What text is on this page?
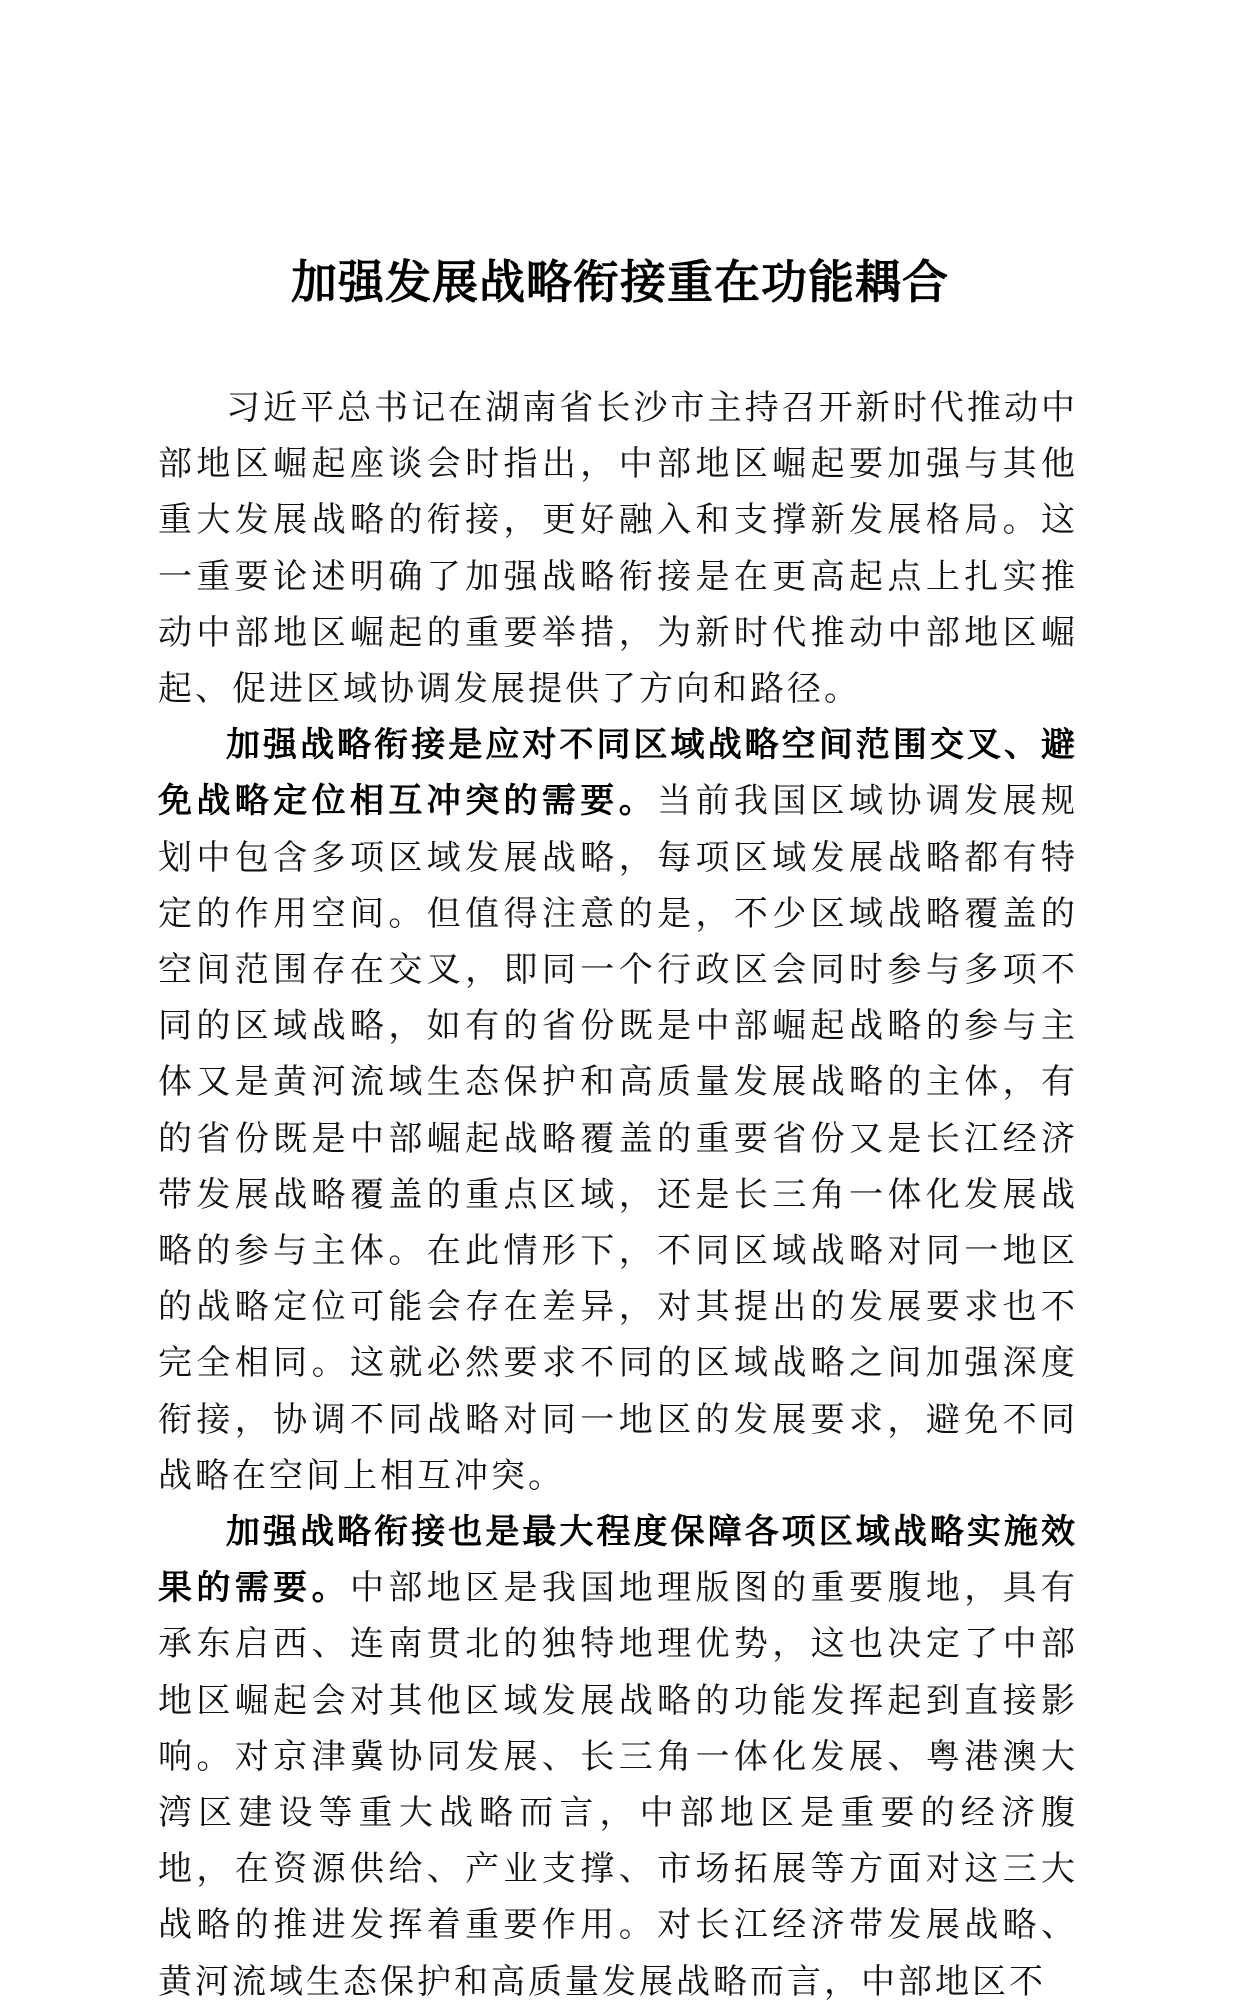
加强发展战略衔接重在功能耦合

习近平总书记在湖南省长沙市主持召开新时代推动中部地区崛起座谈会时指出，中部地区崛起要加强与其他重大发展战略的衔接，更好融入和支撑新发展格局。这一重要论述明确了加强战略衔接是在更高起点上扎实推动中部地区崛起的重要举措，为新时代推动中部地区崛起、促进区域协调发展提供了方向和路径。

加强战略衔接是应对不同区域战略空间范围交叉、避免战略定位相互冲突的需要。当前我国区域协调发展规划中包含多项区域发展战略，每项区域发展战略都有特定的作用空间。但值得注意的是，不少区域战略覆盖的空间范围存在交叉，即同一个行政区会同时参与多项不同的区域战略，如有的省份既是中部崛起战略的参与主体又是黄河流域生态保护和高质量发展战略的主体，有的省份既是中部崛起战略覆盖的重要省份又是长江经济带发展战略覆盖的重点区域，还是长三角一体化发展战略的参与主体。在此情形下，不同区域战略对同一地区的战略定位可能会存在差异，对其提出的发展要求也不完全相同。这就必然要求不同的区域战略之间加强深度衔接，协调不同战略对同一地区的发展要求，避免不同战略在空间上相互冲突。

加强战略衔接也是最大程度保障各项区域战略实施效果的需要。中部地区是我国地理版图的重要腹地，具有承东启西、连南贯北的独特地理优势，这也决定了中部地区崛起会对其他区域发展战略的功能发挥起到直接影响。对京津冀协同发展、长三角一体化发展、粤港澳大湾区建设等重大战略而言，中部地区是重要的经济腹地，在资源供给、产业支撑、市场拓展等方面对这三大战略的推进发挥着重要作用。对长江经济带发展战略、黄河流域生态保护和高质量发展战略而言，中部地区不
